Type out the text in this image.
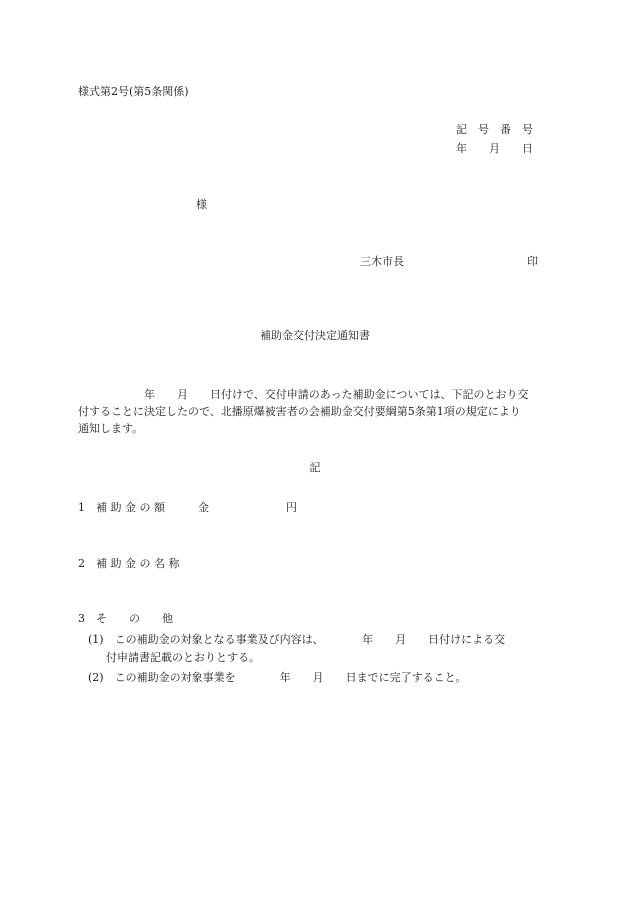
様式第2号(第5条関係)
記　号　番　号
年　　月　　日
様
三木市長	印
補助金交付決定通知書
　　　　　　年　　月　　日付けで、交付申請のあった補助金については、下記のとおり交
付することに決定したので、北播原爆被害者の会補助金交付要綱第5条第1項の規定により
通知します。
記
1　補 助 金 の 額　　　金　　　　　　　円
2　補 助 金 の 名 称
3　そ　　の　　他
(1)　この補助金の対象となる事業及び内容は、　　　　年　　月　　日付けによる交
付申請書記載のとおりとする。
(2)　この補助金の対象事業を　　　　年　　月　　日までに完了すること。
